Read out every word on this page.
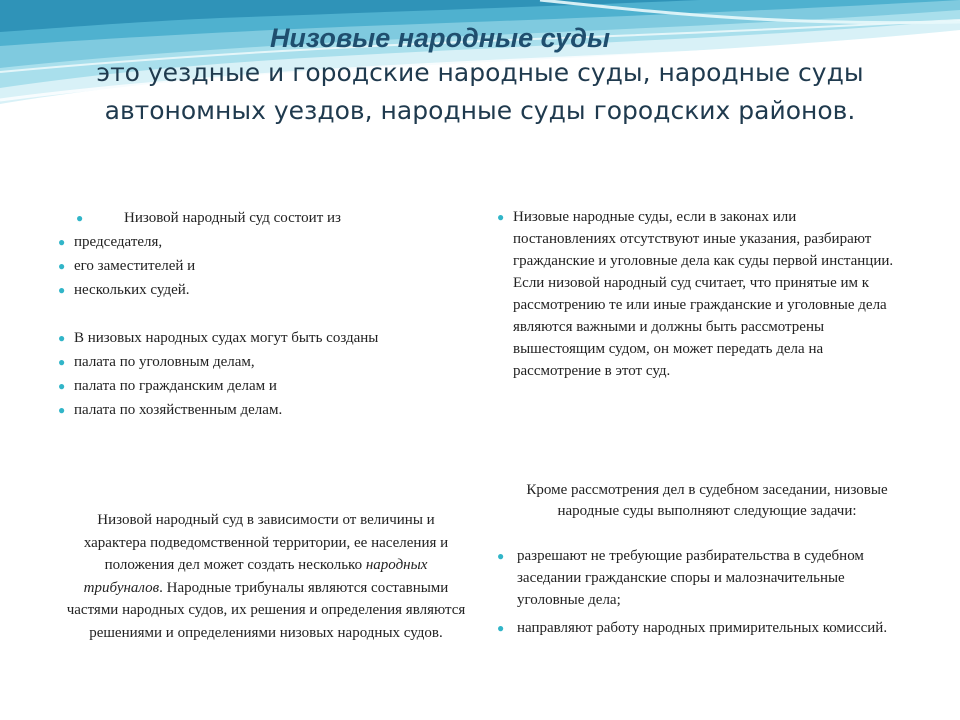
Низовые народные суды
это уездные и городские народные суды, народные суды автономных уездов, народные суды городских районов.
●	Низовой народный суд состоит из
● председателя,
● его заместителей и
● нескольких судей.
● В низовых народных судах могут быть созданы
● палата по уголовным делам,
● палата по гражданским делам и
● палата по хозяйственным делам.
● Низовые народные суды, если в законах или постановлениях отсутствуют иные указания, разбирают гражданские и уголовные дела как суды первой инстанции. Если низовой народный суд считает, что принятые им к рассмотрению те или иные гражданские и уголовные дела являются важными и должны быть рассмотрены вышестоящим судом, он может передать дела на рассмотрение в этот суд.
Низовой народный суд в зависимости от величины и характера подведомственной территории, ее населения и положения дел может создать несколько народных трибуналов. Народные трибуналы являются составными частями народных судов, их решения и определения являются решениями и определениями низовых народных судов.
Кроме рассмотрения дел в судебном заседании, низовые народные суды выполняют следующие задачи:
● разрешают не требующие разбирательства в судебном заседании гражданские споры и малозначительные уголовные дела;
● направляют работу народных примирительных комиссий.
